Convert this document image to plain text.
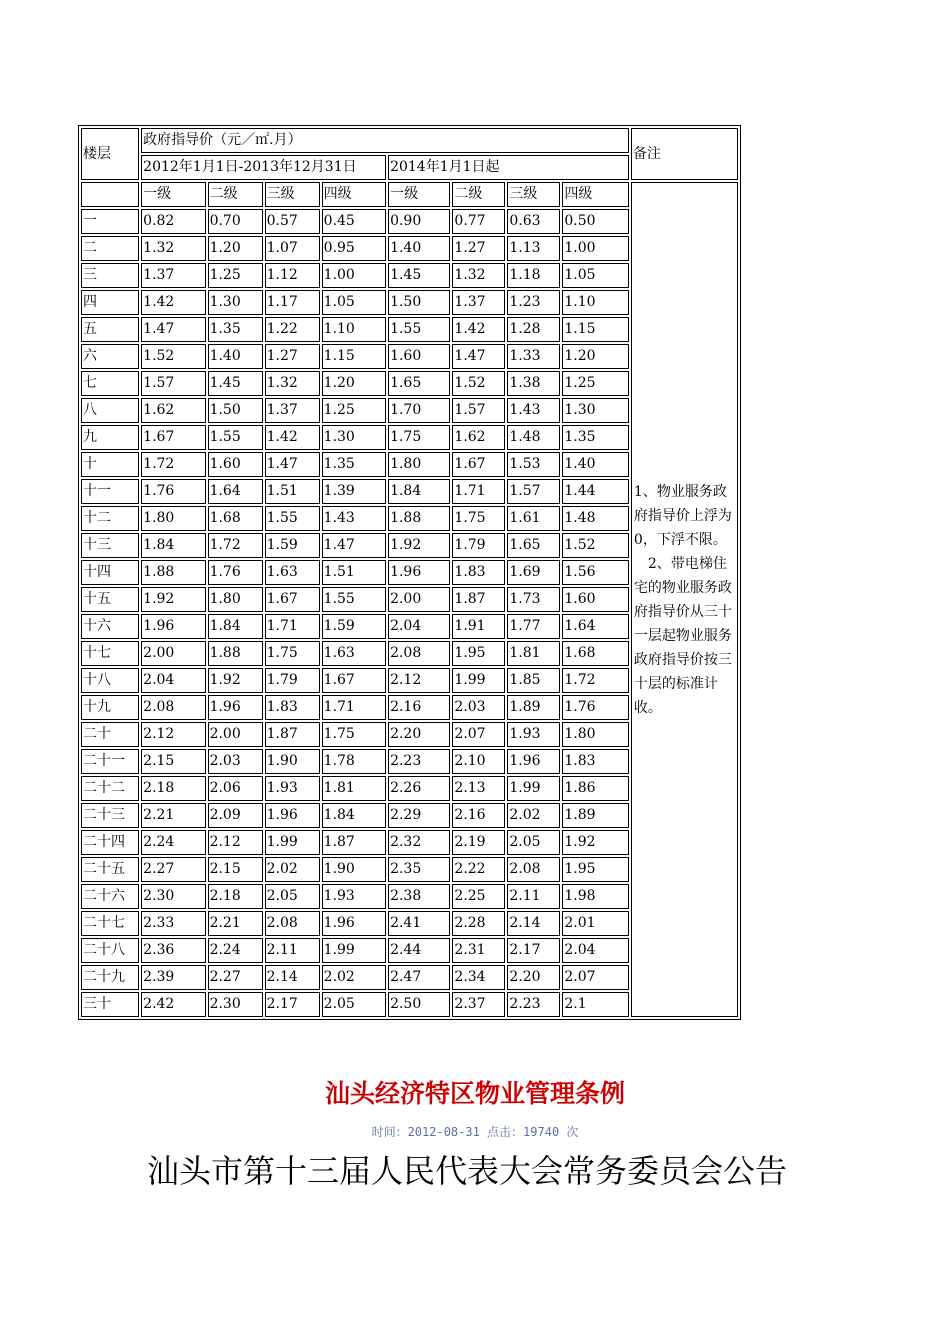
楼层	政府指导价（元／㎡.月）								备注
	2012年1月1日-2013年12月31日				2014年1月1日起				
	一级	二级	三级	四级	一级	二级	三级	四级	1、物业服务政府指导价上浮为0，下浮不限。
　2、带电梯住宅的物业服务政府指导价从三十一层起物业服务政府指导价按三十层的标准计收。
一	0.82	0.70	0.57	0.45	0.90	0.77	0.63	0.50	
二	1.32	1.20	1.07	0.95	1.40	1.27	1.13	1.00	
三	1.37	1.25	1.12	1.00	1.45	1.32	1.18	1.05	
四	1.42	1.30	1.17	1.05	1.50	1.37	1.23	1.10	
五	1.47	1.35	1.22	1.10	1.55	1.42	1.28	1.15	
六	1.52	1.40	1.27	1.15	1.60	1.47	1.33	1.20	
七	1.57	1.45	1.32	1.20	1.65	1.52	1.38	1.25	
八	1.62	1.50	1.37	1.25	1.70	1.57	1.43	1.30	
九	1.67	1.55	1.42	1.30	1.75	1.62	1.48	1.35	
十	1.72	1.60	1.47	1.35	1.80	1.67	1.53	1.40	
十一	1.76	1.64	1.51	1.39	1.84	1.71	1.57	1.44	
十二	1.80	1.68	1.55	1.43	1.88	1.75	1.61	1.48	
十三	1.84	1.72	1.59	1.47	1.92	1.79	1.65	1.52	
十四	1.88	1.76	1.63	1.51	1.96	1.83	1.69	1.56	
十五	1.92	1.80	1.67	1.55	2.00	1.87	1.73	1.60	
十六	1.96	1.84	1.71	1.59	2.04	1.91	1.77	1.64	
十七	2.00	1.88	1.75	1.63	2.08	1.95	1.81	1.68	
十八	2.04	1.92	1.79	1.67	2.12	1.99	1.85	1.72	
十九	2.08	1.96	1.83	1.71	2.16	2.03	1.89	1.76	
二十	2.12	2.00	1.87	1.75	2.20	2.07	1.93	1.80	
二十一	2.15	2.03	1.90	1.78	2.23	2.10	1.96	1.83	
二十二	2.18	2.06	1.93	1.81	2.26	2.13	1.99	1.86	
二十三	2.21	2.09	1.96	1.84	2.29	2.16	2.02	1.89	
二十四	2.24	2.12	1.99	1.87	2.32	2.19	2.05	1.92	
二十五	2.27	2.15	2.02	1.90	2.35	2.22	2.08	1.95	
二十六	2.30	2.18	2.05	1.93	2.38	2.25	2.11	1.98	
二十七	2.33	2.21	2.08	1.96	2.41	2.28	2.14	2.01	
二十八	2.36	2.24	2.11	1.99	2.44	2.31	2.17	2.04	
二十九	2.39	2.27	2.14	2.02	2.47	2.34	2.20	2.07	
三十	2.42	2.30	2.17	2.05	2.50	2.37	2.23	2.1	
汕头经济特区物业管理条例
时间：2012-08-31 点击：19740 次
汕头市第十三届人民代表大会常务委员会公告
